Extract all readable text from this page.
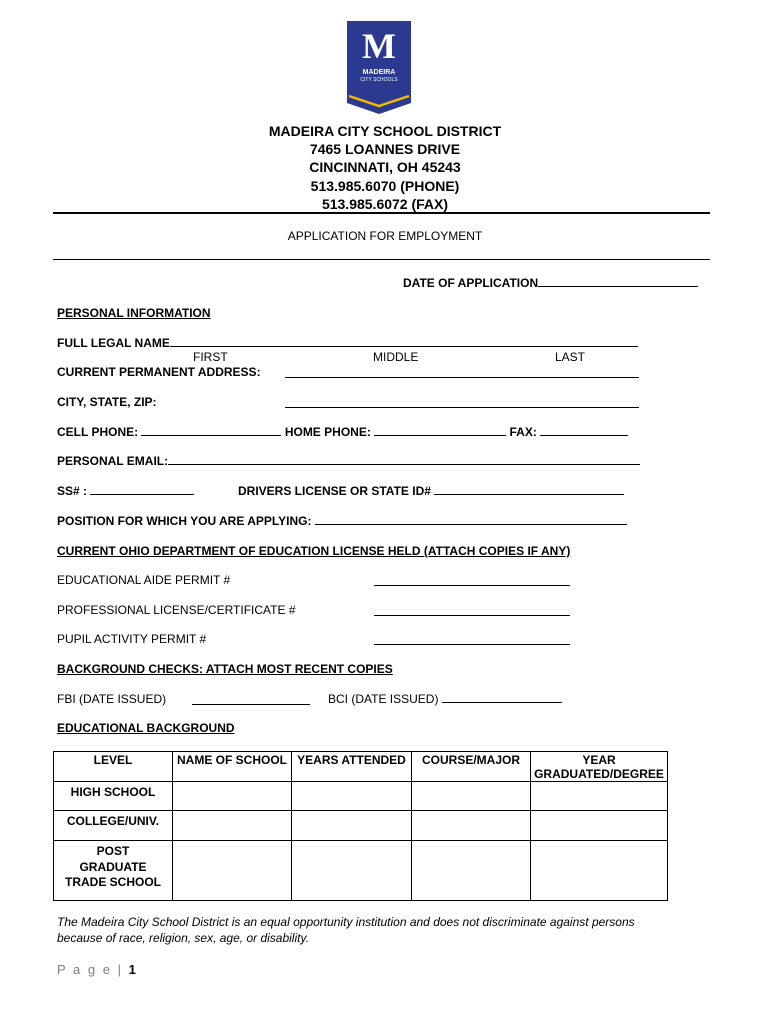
M
MADEIRA
CITY SCHOOLS
MADEIRA CITY SCHOOL DISTRICT
7465 LOANNES DRIVE
CINCINNATI, OH 45243
513.985.6070 (PHONE)
513.985.6072 (FAX)
APPLICATION FOR EMPLOYMENT
DATE OF APPLICATION
PERSONAL INFORMATION
FULL LEGAL NAME
FIRST	MIDDLE	LAST
CURRENT PERMANENT ADDRESS:
CITY, STATE, ZIP:
CELL PHONE:	HOME PHONE:	FAX:
PERSONAL EMAIL:
SS# :	DRIVERS LICENSE OR STATE ID#
POSITION FOR WHICH YOU ARE APPLYING:
CURRENT OHIO DEPARTMENT OF EDUCATION LICENSE HELD (ATTACH COPIES IF ANY)
EDUCATIONAL AIDE PERMIT #
PROFESSIONAL LICENSE/CERTIFICATE #
PUPIL ACTIVITY PERMIT #
BACKGROUND CHECKS: ATTACH MOST RECENT COPIES
FBI (DATE ISSUED)	BCI (DATE ISSUED)
EDUCATIONAL BACKGROUND
LEVEL	NAME OF SCHOOL	YEARS ATTENDED	COURSE/MAJOR	YEAR
GRADUATED/DEGREE
HIGH SCHOOL				
COLLEGE/UNIV.				
POST
GRADUATE
TRADE SCHOOL				
The Madeira City School District is an equal opportunity institution and does not discriminate against persons
because of race, religion, sex, age, or disability.
P a g e | 1
